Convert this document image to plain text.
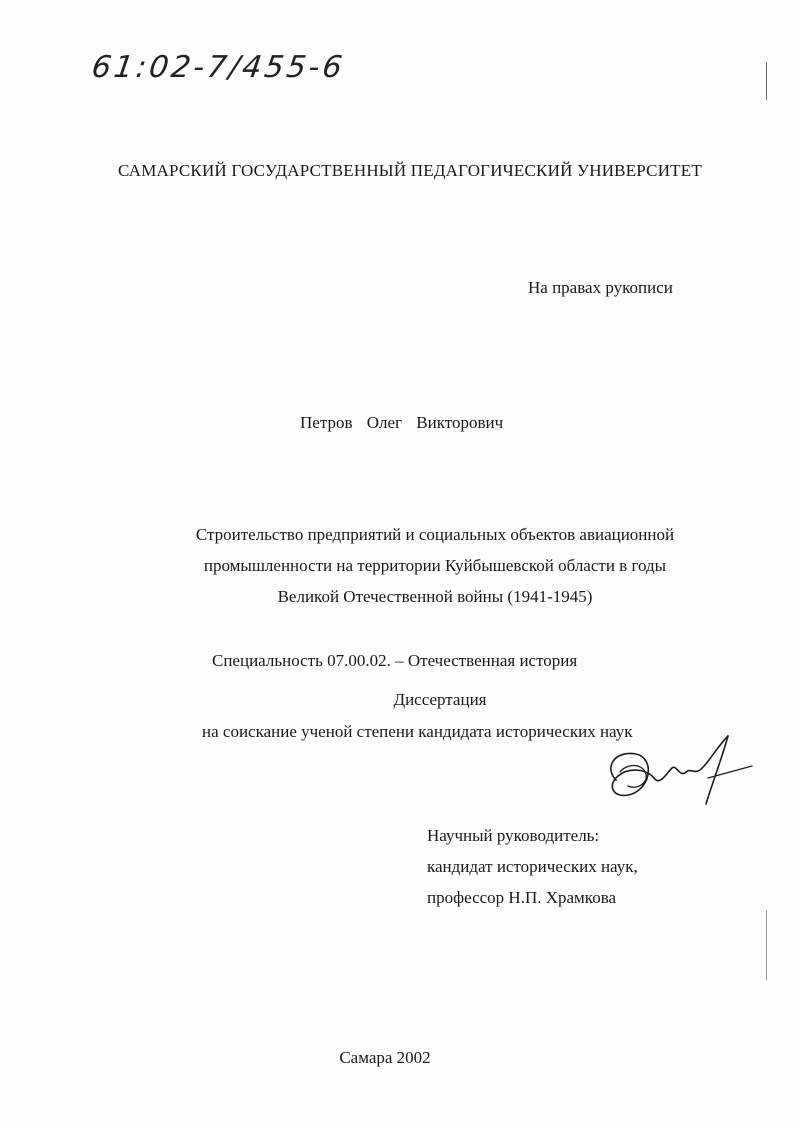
61:02-7/455-6
САМАРСКИЙ ГОСУДАРСТВЕННЫЙ ПЕДАГОГИЧЕСКИЙ УНИВЕРСИТЕТ
На правах рукописи
Петров Олег Викторович
Строительство предприятий и социальных объектов авиационной
промышленности на территории Куйбышевской области в годы
Великой Отечественной войны (1941-1945)
Специальность 07.00.02. – Отечественная история
Диссертация
на соискание ученой степени кандидата исторических наук
Научный руководитель:
кандидат исторических наук,
профессор Н.П. Храмкова
Самара 2002
